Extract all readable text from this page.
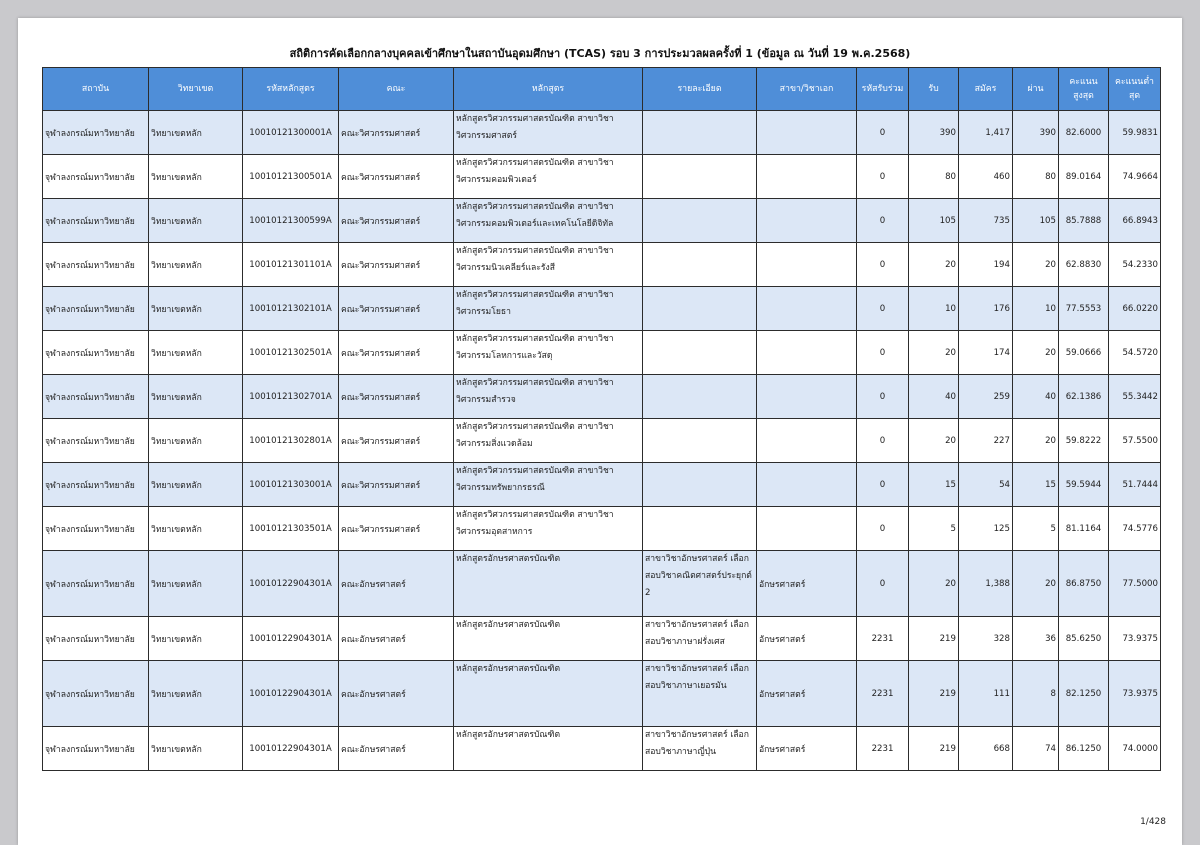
สถิติการคัดเลือกกลางบุคคลเข้าศึกษาในสถาบันอุดมศึกษา (TCAS) รอบ 3 การประมวลผลครั้งที่ 1 (ข้อมูล ณ วันที่ 19 พ.ค.2568)
สถาบัน	วิทยาเขต	รหัสหลักสูตร	คณะ	หลักสูตร	รายละเอียด	สาขา/วิชาเอก	รหัสรับร่วม	รับ	สมัคร	ผ่าน	คะแนนสูงสุด	คะแนนต่ำสุด
จุฬาลงกรณ์มหาวิทยาลัย	วิทยาเขตหลัก	10010121300001A	คณะวิศวกรรมศาสตร์	หลักสูตรวิศวกรรมศาสตรบัณฑิต สาขาวิชาวิศวกรรมศาสตร์			0	390	1,417	390	82.6000	59.9831
จุฬาลงกรณ์มหาวิทยาลัย	วิทยาเขตหลัก	10010121300501A	คณะวิศวกรรมศาสตร์	หลักสูตรวิศวกรรมศาสตรบัณฑิต สาขาวิชาวิศวกรรมคอมพิวเตอร์			0	80	460	80	89.0164	74.9664
จุฬาลงกรณ์มหาวิทยาลัย	วิทยาเขตหลัก	10010121300599A	คณะวิศวกรรมศาสตร์	หลักสูตรวิศวกรรมศาสตรบัณฑิต สาขาวิชาวิศวกรรมคอมพิวเตอร์และเทคโนโลยีดิจิทัล			0	105	735	105	85.7888	66.8943
จุฬาลงกรณ์มหาวิทยาลัย	วิทยาเขตหลัก	10010121301101A	คณะวิศวกรรมศาสตร์	หลักสูตรวิศวกรรมศาสตรบัณฑิต สาขาวิชาวิศวกรรมนิวเคลียร์และรังสี			0	20	194	20	62.8830	54.2330
จุฬาลงกรณ์มหาวิทยาลัย	วิทยาเขตหลัก	10010121302101A	คณะวิศวกรรมศาสตร์	หลักสูตรวิศวกรรมศาสตรบัณฑิต สาขาวิชาวิศวกรรมโยธา			0	10	176	10	77.5553	66.0220
จุฬาลงกรณ์มหาวิทยาลัย	วิทยาเขตหลัก	10010121302501A	คณะวิศวกรรมศาสตร์	หลักสูตรวิศวกรรมศาสตรบัณฑิต สาขาวิชาวิศวกรรมโลหการและวัสดุ			0	20	174	20	59.0666	54.5720
จุฬาลงกรณ์มหาวิทยาลัย	วิทยาเขตหลัก	10010121302701A	คณะวิศวกรรมศาสตร์	หลักสูตรวิศวกรรมศาสตรบัณฑิต สาขาวิชาวิศวกรรมสำรวจ			0	40	259	40	62.1386	55.3442
จุฬาลงกรณ์มหาวิทยาลัย	วิทยาเขตหลัก	10010121302801A	คณะวิศวกรรมศาสตร์	หลักสูตรวิศวกรรมศาสตรบัณฑิต สาขาวิชาวิศวกรรมสิ่งแวดล้อม			0	20	227	20	59.8222	57.5500
จุฬาลงกรณ์มหาวิทยาลัย	วิทยาเขตหลัก	10010121303001A	คณะวิศวกรรมศาสตร์	หลักสูตรวิศวกรรมศาสตรบัณฑิต สาขาวิชาวิศวกรรมทรัพยากรธรณี			0	15	54	15	59.5944	51.7444
จุฬาลงกรณ์มหาวิทยาลัย	วิทยาเขตหลัก	10010121303501A	คณะวิศวกรรมศาสตร์	หลักสูตรวิศวกรรมศาสตรบัณฑิต สาขาวิชาวิศวกรรมอุตสาหการ			0	5	125	5	81.1164	74.5776
จุฬาลงกรณ์มหาวิทยาลัย	วิทยาเขตหลัก	10010122904301A	คณะอักษรศาสตร์	หลักสูตรอักษรศาสตรบัณฑิต	สาขาวิชาอักษรศาสตร์ เลือกสอบวิชาคณิตศาสตร์ประยุกต์ 2	อักษรศาสตร์	0	20	1,388	20	86.8750	77.5000
จุฬาลงกรณ์มหาวิทยาลัย	วิทยาเขตหลัก	10010122904301A	คณะอักษรศาสตร์	หลักสูตรอักษรศาสตรบัณฑิต	สาขาวิชาอักษรศาสตร์ เลือกสอบวิชาภาษาฝรั่งเศส	อักษรศาสตร์	2231	219	328	36	85.6250	73.9375
จุฬาลงกรณ์มหาวิทยาลัย	วิทยาเขตหลัก	10010122904301A	คณะอักษรศาสตร์	หลักสูตรอักษรศาสตรบัณฑิต	สาขาวิชาอักษรศาสตร์ เลือกสอบวิชาภาษาเยอรมัน	อักษรศาสตร์	2231	219	111	8	82.1250	73.9375
จุฬาลงกรณ์มหาวิทยาลัย	วิทยาเขตหลัก	10010122904301A	คณะอักษรศาสตร์	หลักสูตรอักษรศาสตรบัณฑิต	สาขาวิชาอักษรศาสตร์ เลือกสอบวิชาภาษาญี่ปุ่น	อักษรศาสตร์	2231	219	668	74	86.1250	74.0000
1/428
